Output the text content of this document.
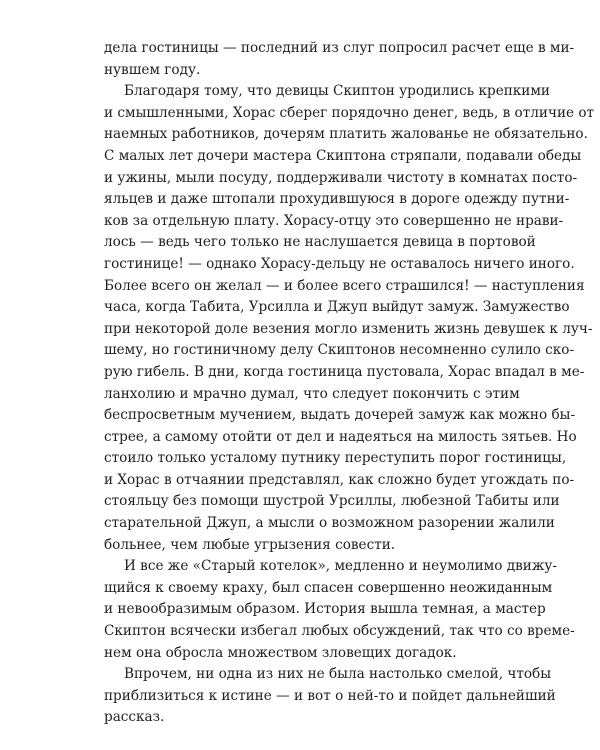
дела гостиницы — последний из слуг попросил расчет еще в ми-
нувшем году.
Благодаря тому, что девицы Скиптон уродились крепкими
и смышленными, Хорас сберег порядочно денег, ведь, в отличие от
наемных работников, дочерям платить жалованье не обязательно.
С малых лет дочери мастера Скиптона стряпали, подавали обеды
и ужины, мыли посуду, поддерживали чистоту в комнатах посто-
яльцев и даже штопали прохудившуюся в дороге одежду путни-
ков за отдельную плату. Хорасу-отцу это совершенно не нрави-
лось — ведь чего только не наслушается девица в портовой
гостинице! — однако Хорасу-дельцу не оставалось ничего иного.
Более всего он желал — и более всего страшился! — наступления
часа, когда Табита, Урсилла и Джуп выйдут замуж. Замужество
при некоторой доле везения могло изменить жизнь девушек к луч-
шему, но гостиничному делу Скиптонов несомненно сулило ско-
рую гибель. В дни, когда гостиница пустовала, Хорас впадал в ме-
ланхолию и мрачно думал, что следует покончить с этим
беспросветным мучением, выдать дочерей замуж как можно бы-
стрее, а самому отойти от дел и надеяться на милость зятьев. Но
стоило только усталому путнику переступить порог гостиницы,
и Хорас в отчаянии представлял, как сложно будет угождать по-
стояльцу без помощи шустрой Урсиллы, любезной Табиты или
старательной Джуп, а мысли о возможном разорении жалили
больнее, чем любые угрызения совести.
И все же «Старый котелок», медленно и неумолимо движу-
щийся к своему краху, был спасен совершенно неожиданным
и невообразимым образом. История вышла темная, а мастер
Скиптон всячески избегал любых обсуждений, так что со време-
нем она обросла множеством зловещих догадок.
Впрочем, ни одна из них не была настолько смелой, чтобы
приблизиться к истине — и вот о ней-то и пойдет дальнейший
рассказ.
